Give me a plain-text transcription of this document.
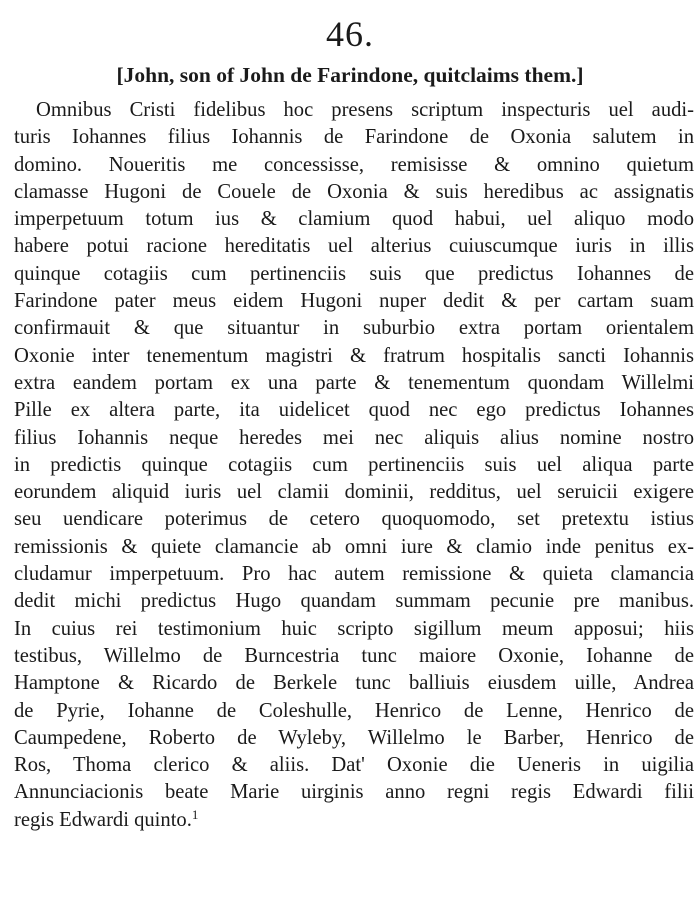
46.
[John, son of John de Farindone, quitclaims them.]
Omnibus Cristi fidelibus hoc presens scriptum inspecturis uel audi-
turis Iohannes filius Iohannis de Farindone de Oxonia salutem in
domino. Noueritis me concessisse, remisisse & omnino quietum
clamasse Hugoni de Couele de Oxonia & suis heredibus ac assignatis
imperpetuum totum ius & clamium quod habui, uel aliquo modo
habere potui racione hereditatis uel alterius cuiuscumque iuris in illis
quinque cotagiis cum pertinenciis suis que predictus Iohannes de
Farindone pater meus eidem Hugoni nuper dedit & per cartam suam
confirmauit & que situantur in suburbio extra portam orientalem
Oxonie inter tenementum magistri & fratrum hospitalis sancti Iohannis
extra eandem portam ex una parte & tenementum quondam Willelmi
Pille ex altera parte, ita uidelicet quod nec ego predictus Iohannes
filius Iohannis neque heredes mei nec aliquis alius nomine nostro
in predictis quinque cotagiis cum pertinenciis suis uel aliqua parte
eorundem aliquid iuris uel clamii dominii, redditus, uel seruicii exigere
seu uendicare poterimus de cetero quoquomodo, set pretextu istius
remissionis & quiete clamancie ab omni iure & clamio inde penitus ex-
cludamur imperpetuum. Pro hac autem remissione & quieta clamancia
dedit michi predictus Hugo quandam summam pecunie pre manibus.
In cuius rei testimonium huic scripto sigillum meum apposui; hiis
testibus, Willelmo de Burncestria tunc maiore Oxonie, Iohanne de
Hamptone & Ricardo de Berkele tunc balliuis eiusdem uille, Andrea
de Pyrie, Iohanne de Coleshulle, Henrico de Lenne, Henrico de
Caumpedene, Roberto de Wyleby, Willelmo le Barber, Henrico de
Ros, Thoma clerico & aliis. Dat' Oxonie die Ueneris in uigilia
Annunciacionis beate Marie uirginis anno regni regis Edwardi filii
regis Edwardi quinto.$^1$
